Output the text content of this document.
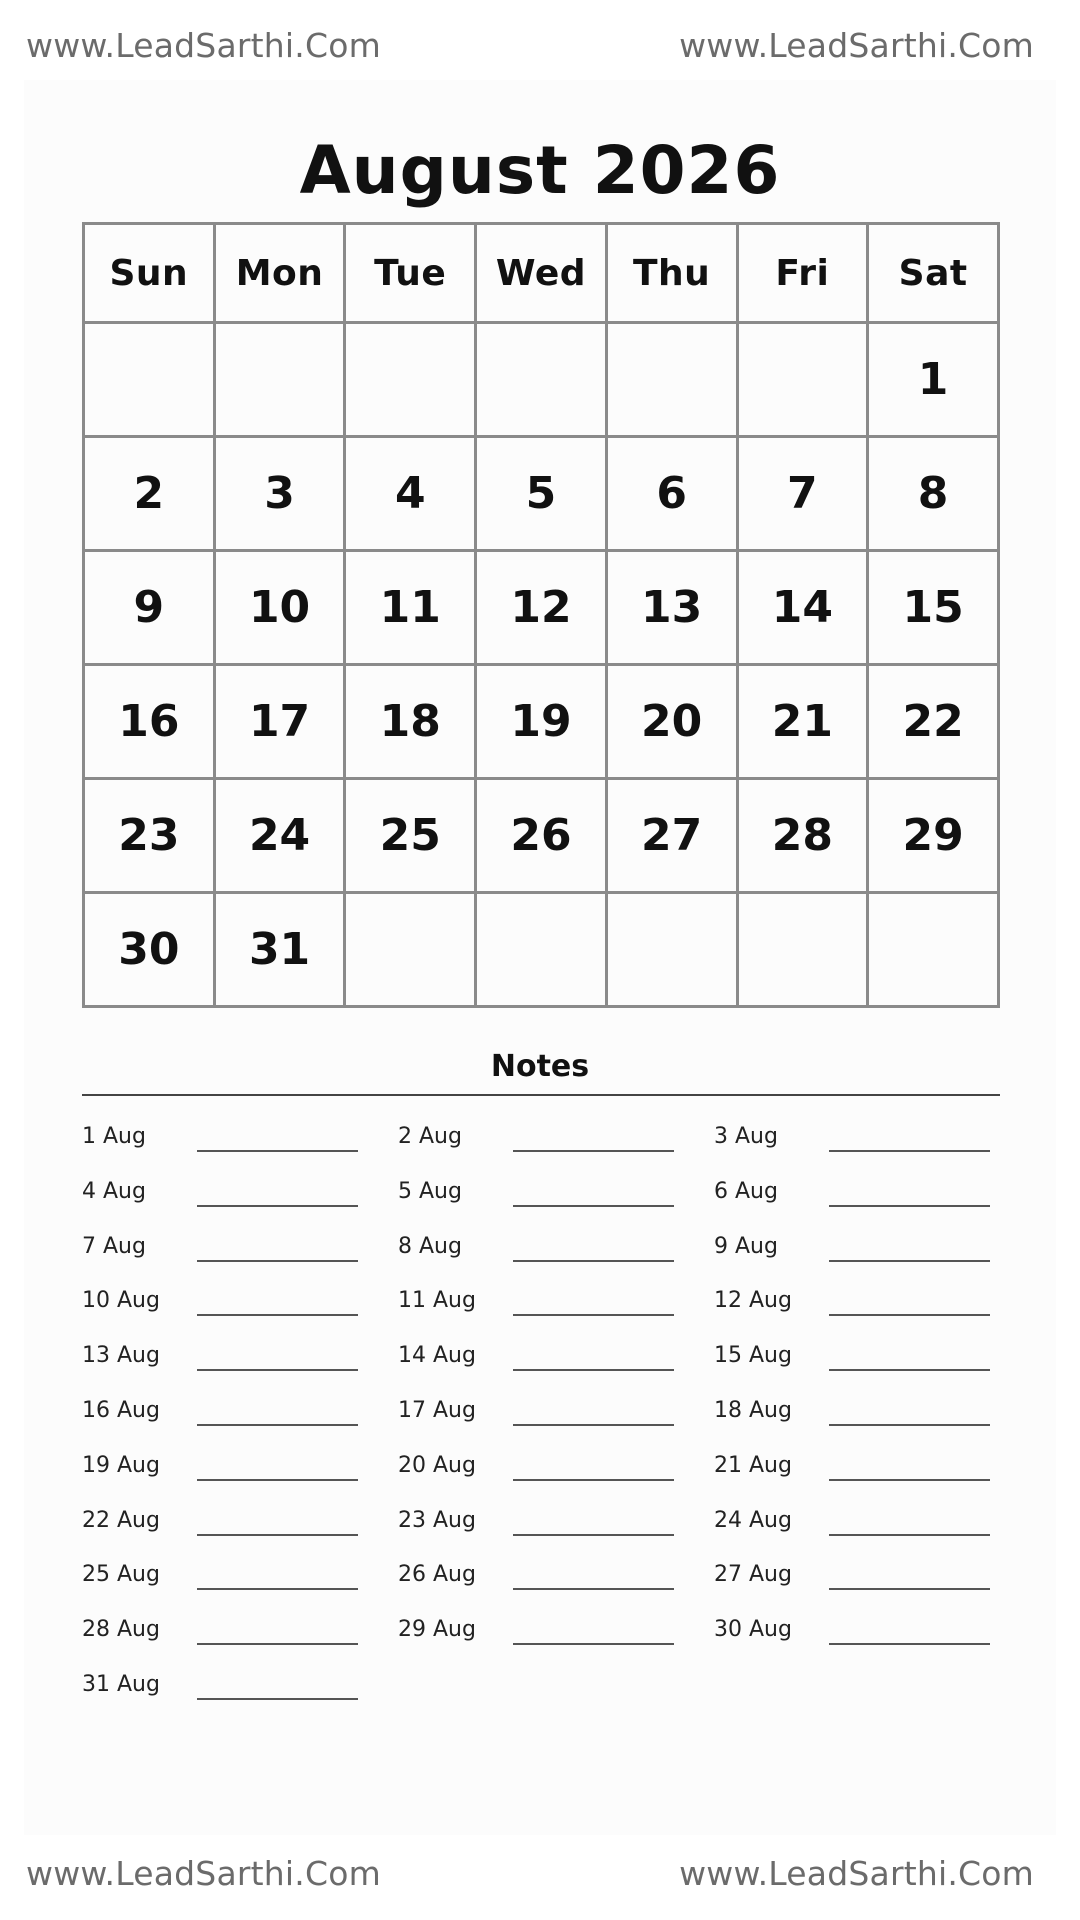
www.LeadSarthi.Com	www.LeadSarthi.Com
August 2026
Sun	Mon	Tue	Wed	Thu	Fri	Sat
						1
2	3	4	5	6	7	8
9	10	11	12	13	14	15
16	17	18	19	20	21	22
23	24	25	26	27	28	29
30	31					
Notes
1 Aug	2 Aug	3 Aug
4 Aug	5 Aug	6 Aug
7 Aug	8 Aug	9 Aug
10 Aug	11 Aug	12 Aug
13 Aug	14 Aug	15 Aug
16 Aug	17 Aug	18 Aug
19 Aug	20 Aug	21 Aug
22 Aug	23 Aug	24 Aug
25 Aug	26 Aug	27 Aug
28 Aug	29 Aug	30 Aug
31 Aug
www.LeadSarthi.Com	www.LeadSarthi.Com
